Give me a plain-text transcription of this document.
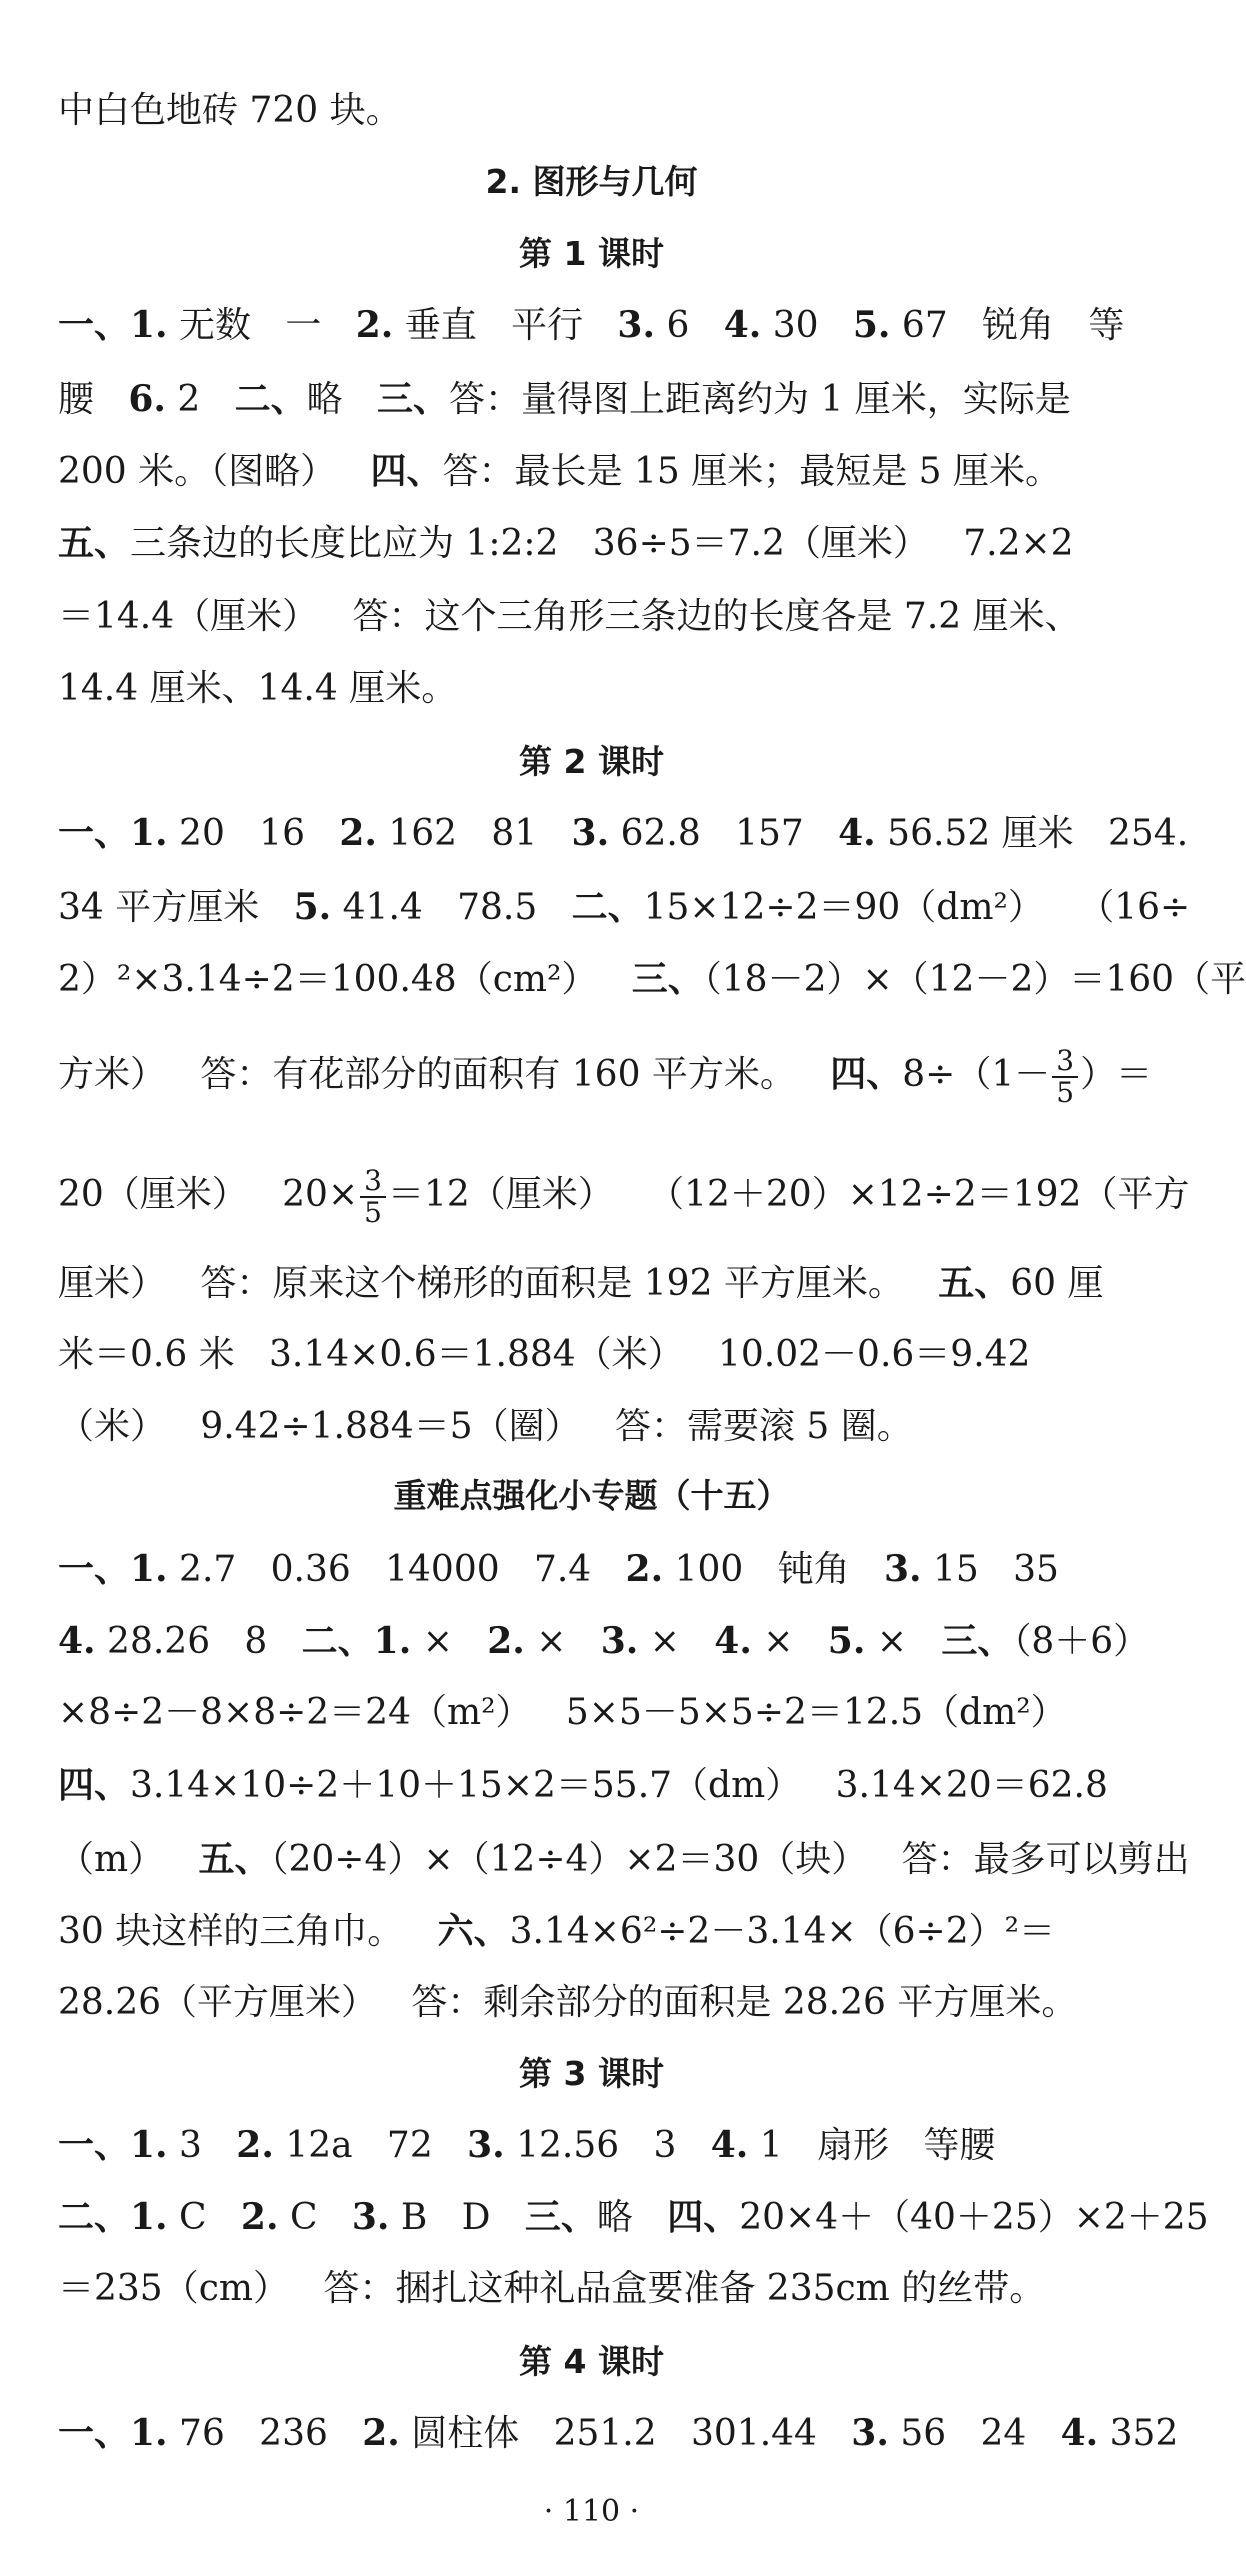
中白色地砖 720 块。
2. 图形与几何
第 1 课时
一、1. 无数   一   2. 垂直   平行   3. 6   4. 30   5. 67   锐角   等
腰   6. 2   二、略   三、答：量得图上距离约为 1 厘米，实际是
200 米。（图略）   四、答：最长是 15 厘米；最短是 5 厘米。
五、三条边的长度比应为 1:2:2   36÷5＝7.2（厘米）   7.2×2
＝14.4（厘米）   答：这个三角形三条边的长度各是 7.2 厘米、
14.4 厘米、14.4 厘米。
第 2 课时
一、1. 20   16   2. 162   81   3. 62.8   157   4. 56.52 厘米   254.
34 平方厘米   5. 41.4   78.5   二、15×12÷2＝90（dm²）   （16÷
2）²×3.14÷2＝100.48（cm²）   三、（18－2）×（12－2）＝160（平
方米）   答：有花部分的面积有 160 平方米。   四、$8\div(1- \frac{3}{5}$ ）＝
20（厘米）   $20\times \frac{3}{5} =12$（厘米）   （12＋20）×12÷2＝192（平方
厘米）   答：原来这个梯形的面积是 192 平方厘米。   五、60 厘
米＝0.6 米   3.14×0.6＝1.884（米）   10.02－0.6＝9.42
（米）   9.42÷1.884＝5（圈）   答：需要滚 5 圈。
重难点强化小专题（十五）
一、1. 2.7   0.36   14000   7.4   2. 100   钝角   3. 15   35
4. 28.26   8   二、1. ×   2. ×   3. ×   4. ×   5. ×   三、（8＋6）
×8÷2－8×8÷2＝24（m²）   5×5－5×5÷2＝12.5（dm²）
四、3.14×10÷2＋10＋15×2＝55.7（dm）   3.14×20＝62.8
（m）   五、（20÷4）×（12÷4）×2＝30（块）   答：最多可以剪出
30 块这样的三角巾。   六、3.14×6²÷2－3.14×（6÷2）²＝
28.26（平方厘米）   答：剩余部分的面积是 28.26 平方厘米。
第 3 课时
一、1. 3   2. 12a   72   3. 12.56   3   4. 1   扇形   等腰
二、1. C   2. C   3. B   D   三、略   四、20×4＋（40＋25）×2＋25
＝235（cm）   答：捆扎这种礼品盒要准备 235cm 的丝带。
第 4 课时
一、1. 76   236   2. 圆柱体   251.2   301.44   3. 56   24   4. 352
· 110 ·
